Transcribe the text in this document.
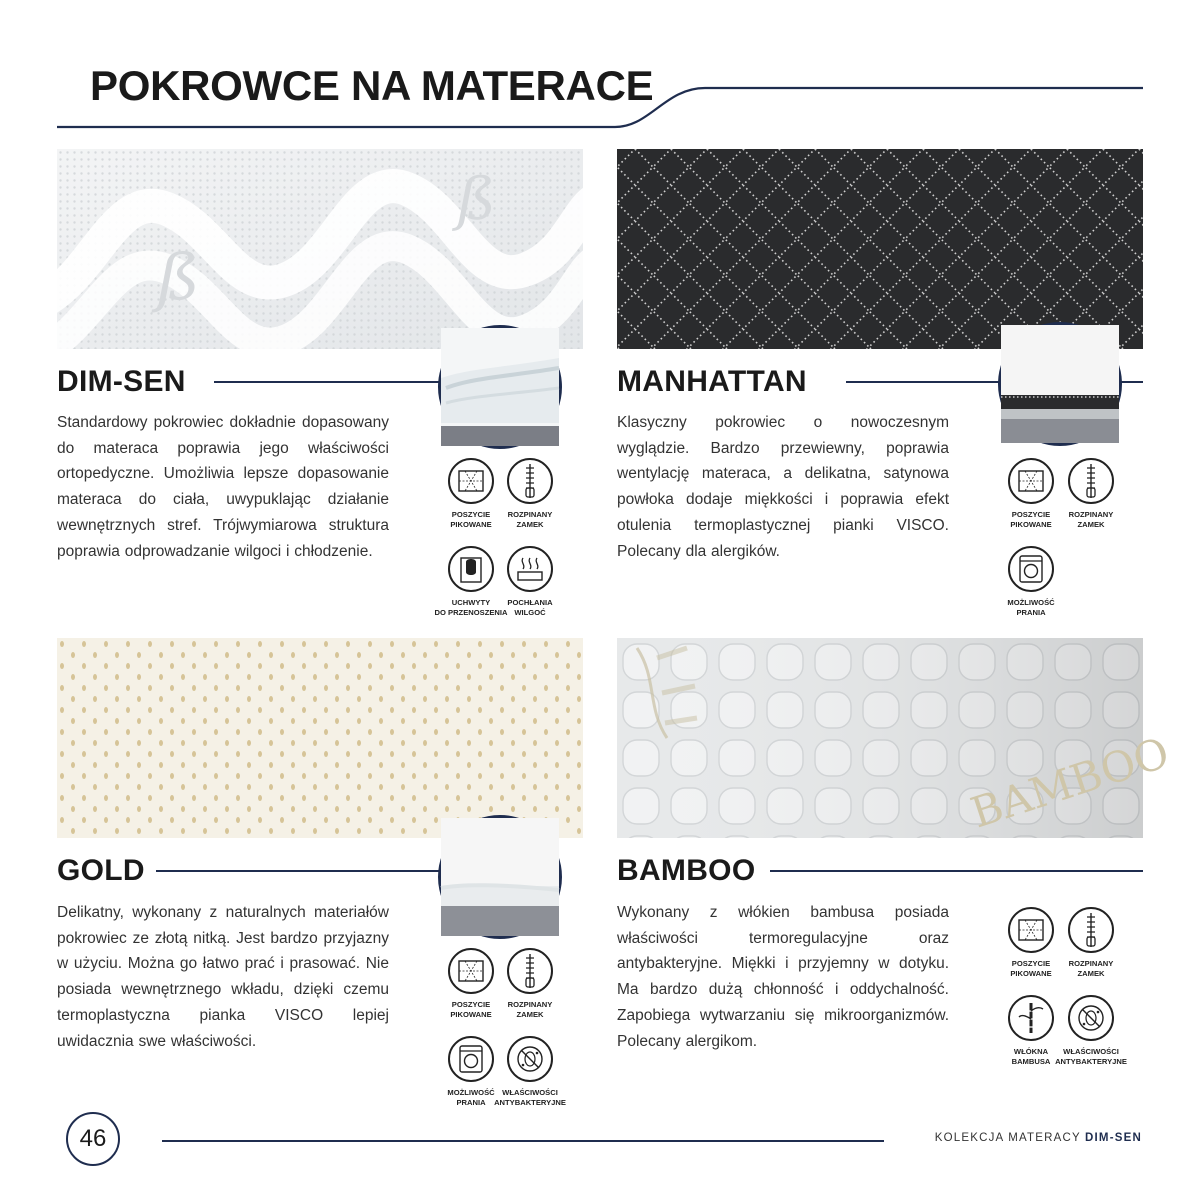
POKROWCE NA MATERACE
ß
ß
DIM-SEN

Standardowy pokrowiec dokładnie dopasowany do materaca poprawia jego właściwości ortopedyczne. Umożliwia lepsze dopasowanie materaca do ciała, uwypuklając działanie wewnętrznych stref. Trójwymiarowa struktura poprawia odprowadzanie wilgoci i chłodzenie.

POSZYCIE
PIKOWANE
ROZPINANY
ZAMEK
UCHWYTY
DO PRZENOSZENIA
POCHŁANIA
WILGOĆ
MANHATTAN

Klasyczny pokrowiec o nowoczesnym wyglądzie. Bardzo przewiewny, poprawia wentylację materaca, a delikatna, satynowa powłoka dodaje miękkości i poprawia efekt otulenia termoplastycznej pianki VISCO. Polecany dla alergików.

POSZYCIE
PIKOWANE
ROZPINANY
ZAMEK
MOŻLIWOŚĆ
PRANIA
GOLD

Delikatny, wykonany z naturalnych materiałów pokrowiec ze złotą nitką. Jest bardzo przyjazny w użyciu. Można go łatwo prać i prasować. Nie posiada wewnętrznego wkładu, dzięki czemu termoplastyczna pianka VISCO lepiej uwidacznia swe właściwości.

POSZYCIE
PIKOWANE
ROZPINANY
ZAMEK
MOŻLIWOŚĆ
PRANIA
WŁAŚCIWOŚCI
ANTYBAKTERYJNE
BAMBOO
BAMBOO

Wykonany z włókien bambusa posiada właściwości termoregulacyjne oraz antybakteryjne. Miękki i przyjemny w dotyku. Ma bardzo dużą chłonność i oddychalność. Zapobiega wytwarzaniu się mikroorganizmów. Polecany alergikom.

POSZYCIE
PIKOWANE
ROZPINANY
ZAMEK
WŁÓKNA
BAMBUSA
WŁAŚCIWOŚCI
ANTYBAKTERYJNE
46	KOLEKCJA MATERACY DIM-SEN
